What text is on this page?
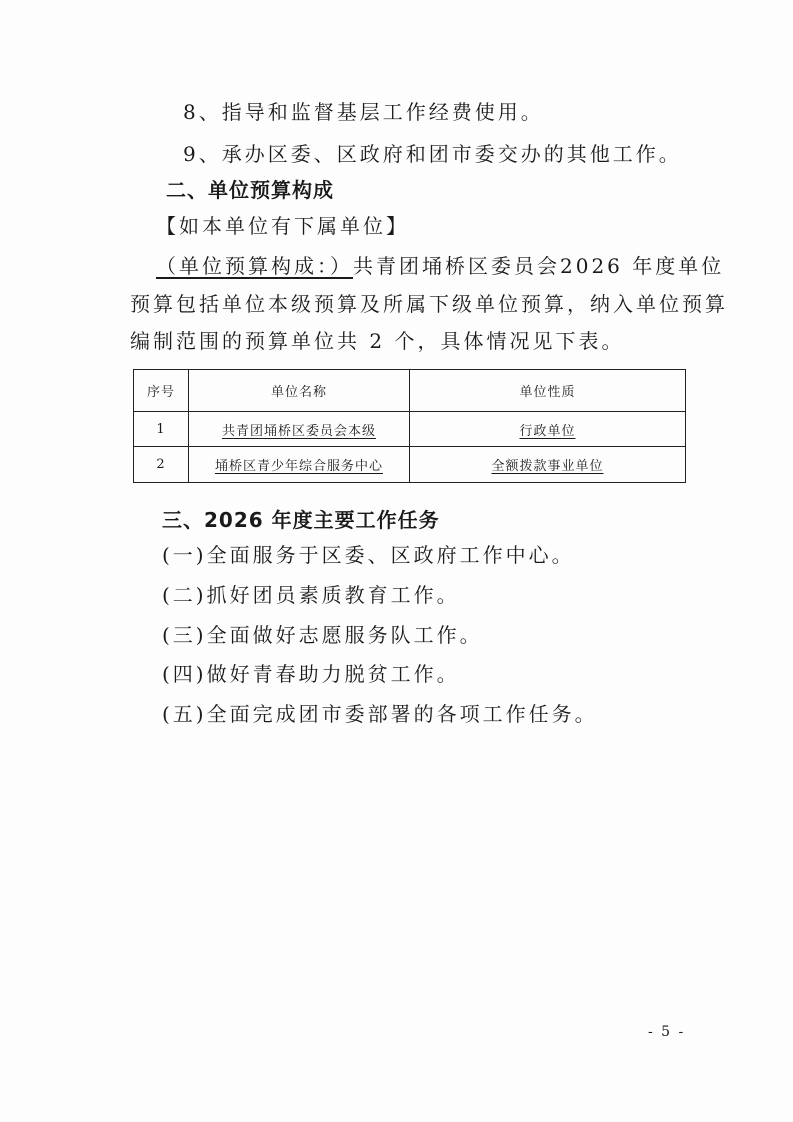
8、指导和监督基层工作经费使用。
9、承办区委、区政府和团市委交办的其他工作。
二、单位预算构成
【如本单位有下属单位】
（单位预算构成：）共青团埇桥区委员会2026 年度单位
预算包括单位本级预算及所属下级单位预算，纳入单位预算
编制范围的预算单位共 2 个，具体情况见下表。
序号	单位名称	单位性质
1	共青团埇桥区委员会本级	行政单位
2	埇桥区青少年综合服务中心	全额拨款事业单位
三、2026 年度主要工作任务
(一)全面服务于区委、区政府工作中心。
(二)抓好团员素质教育工作。
(三)全面做好志愿服务队工作。
(四)做好青春助力脱贫工作。
(五)全面完成团市委部署的各项工作任务。
- 5 -
